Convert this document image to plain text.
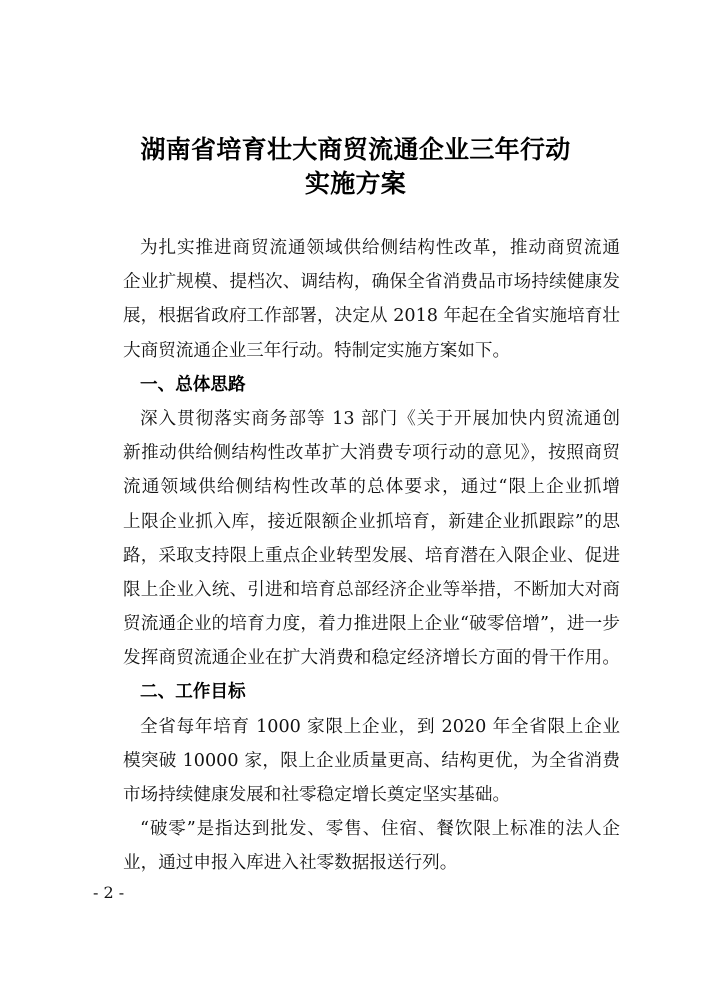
湖南省培育壮大商贸流通企业三年行动
实施方案
为扎实推进商贸流通领域供给侧结构性改革，推动商贸流通
企业扩规模、提档次、调结构，确保全省消费品市场持续健康发
展，根据省政府工作部署，决定从 2018 年起在全省实施培育壮
大商贸流通企业三年行动。特制定实施方案如下。
一、总体思路
深入贯彻落实商务部等 13 部门《关于开展加快内贸流通创
新推动供给侧结构性改革扩大消费专项行动的意见》，按照商贸
流通领域供给侧结构性改革的总体要求，通过“限上企业抓增
上限企业抓入库，接近限额企业抓培育，新建企业抓跟踪”的思
路，采取支持限上重点企业转型发展、培育潜在入限企业、促进
限上企业入统、引进和培育总部经济企业等举措，不断加大对商
贸流通企业的培育力度，着力推进限上企业“破零倍增”，进一步
发挥商贸流通企业在扩大消费和稳定经济增长方面的骨干作用。
二、工作目标
全省每年培育 1000 家限上企业，到 2020 年全省限上企业
模突破 10000 家，限上企业质量更高、结构更优，为全省消费
市场持续健康发展和社零稳定增长奠定坚实基础。
“破零”是指达到批发、零售、住宿、餐饮限上标准的法人企
业，通过申报入库进入社零数据报送行列。
- 2 -
